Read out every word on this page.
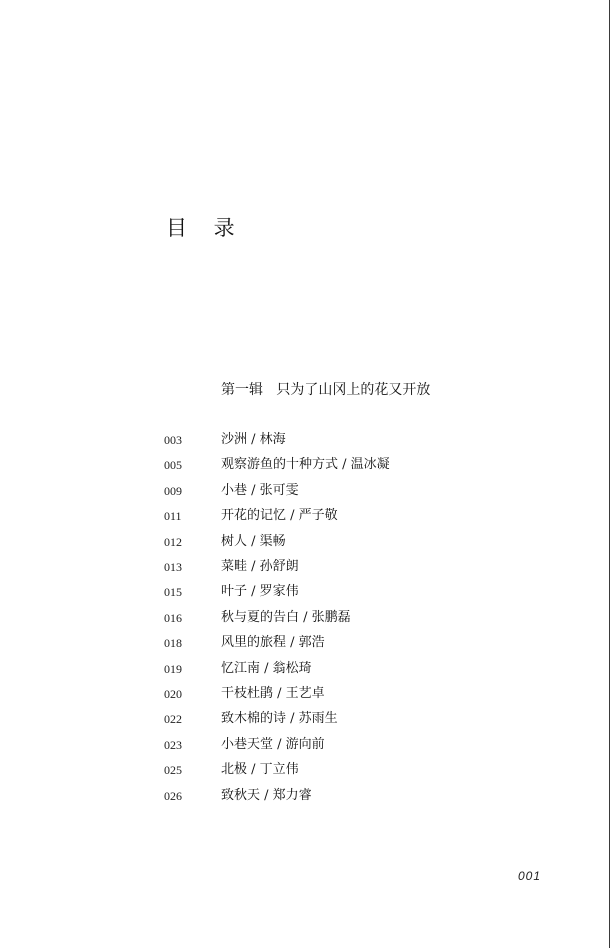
目 录
第一辑   只为了山冈上的花又开放
003	沙洲 / 林海
005	观察游鱼的十种方式 / 温冰凝
009	小巷 / 张可雯
011	开花的记忆 / 严子敬
012	树人 / 渠畅
013	菜畦 / 孙舒朗
015	叶子 / 罗家伟
016	秋与夏的告白 / 张鹏磊
018	风里的旅程 / 郭浩
019	忆江南 / 翁松琦
020	干枝杜鹃 / 王艺卓
022	致木棉的诗 / 苏雨生
023	小巷天堂 / 游向前
025	北极 / 丁立伟
026	致秋天 / 郑力睿
001
